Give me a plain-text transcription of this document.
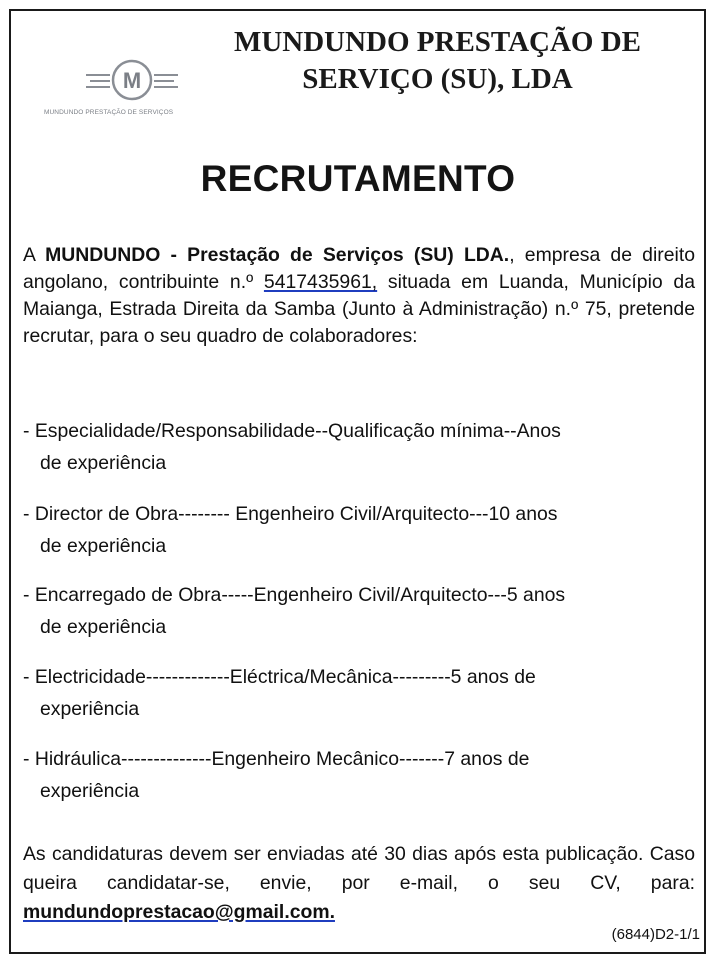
M
MUNDUNDO PRESTAÇÃO DE SERVIÇOS
MUNDUNDO PRESTAÇÃO DE
SERVIÇO (SU), LDA
RECRUTAMENTO
A MUNDUNDO - Prestação de Serviços (SU) LDA., empresa de direito angolano, contribuinte n.º 5417435961, situada em Luanda, Município da Maianga, Estrada Direita da Samba (Junto à Administração) n.º 75, pretende recrutar, para o seu quadro de colaboradores:
- Especialidade/Responsabilidade--Qualificação mínima--Anos
de experiência
- Director de Obra-------- Engenheiro Civil/Arquitecto---10 anos
de experiência
- Encarregado de Obra-----Engenheiro Civil/Arquitecto---5 anos
de experiência
- Electricidade-------------Eléctrica/Mecânica---------5 anos de
experiência
- Hidráulica--------------Engenheiro Mecânico-------7 anos de
experiência
As candidaturas devem ser enviadas até 30 dias após esta publicação. Caso queira candidatar-se, envie, por e-mail, o seu CV, para: mundundoprestacao@gmail.com.
(6844)D2-1/1
